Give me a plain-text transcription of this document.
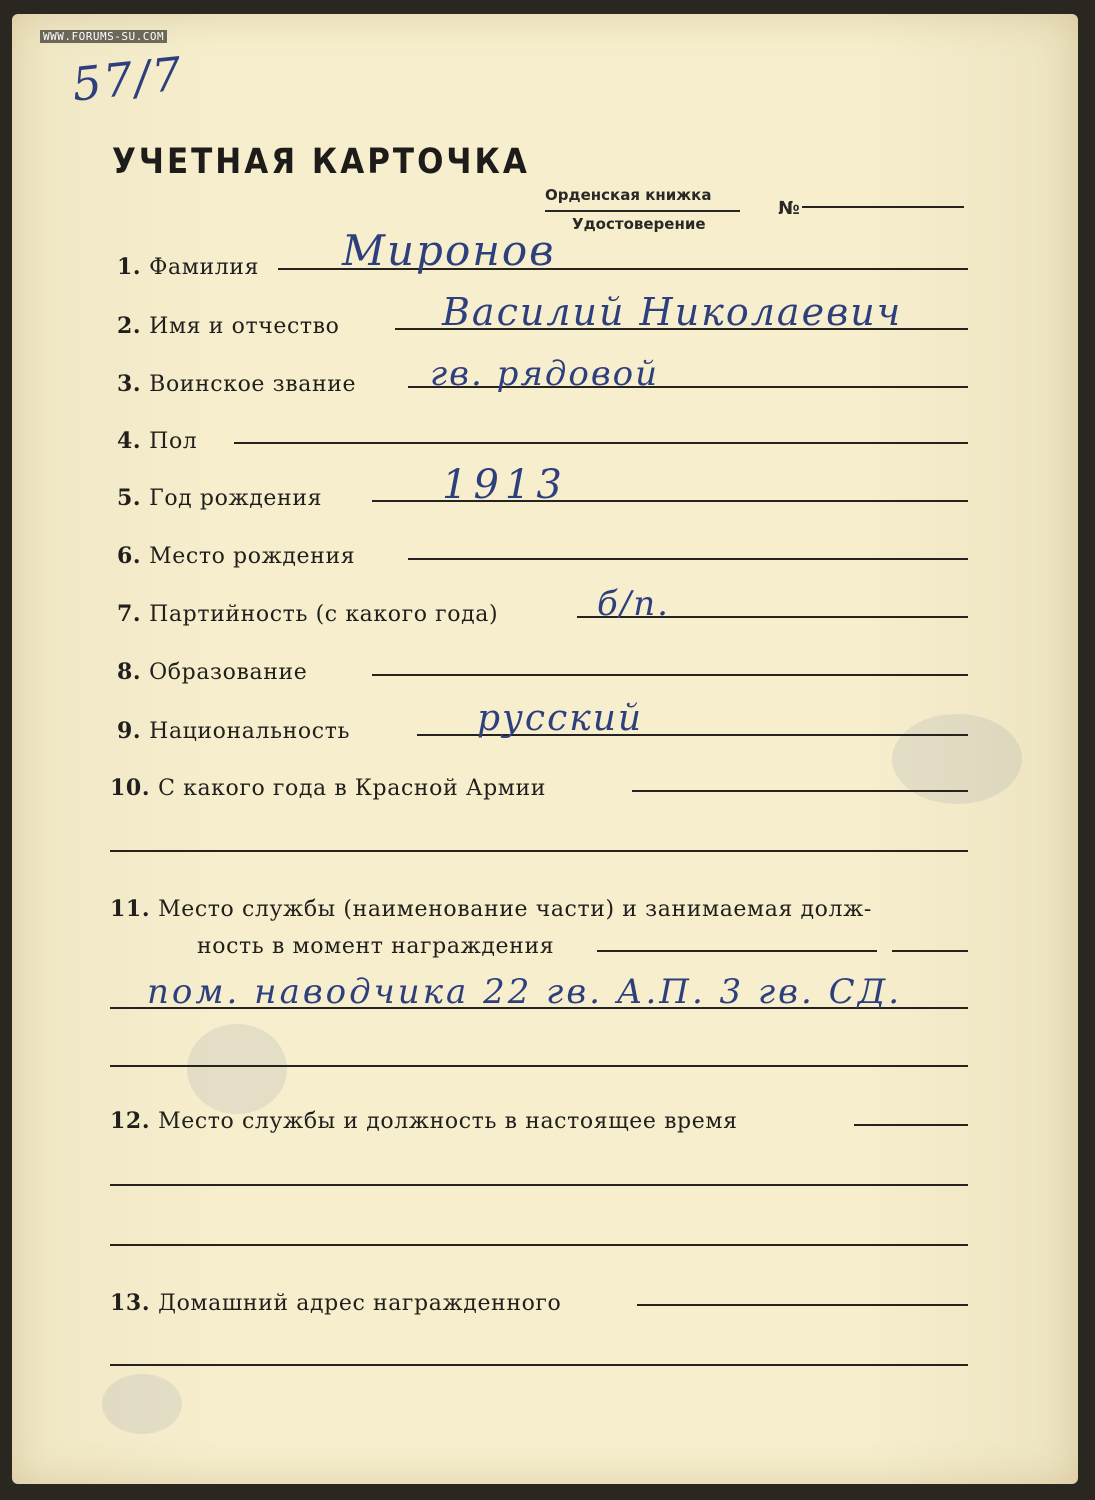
57/7
УЧЕТНАЯ КАРТОЧКА
Орденская книжка
Удостоверение
№
1. Фамилия Миронов
2. Имя и отчество	Василий Николаевич
3. Воинское звание гв. рядовой
4. Пол
5. Год рождения	1913
6. Место рождения
7. Партийность (с какого года)	б/п.
8. Образование
9. Национальность	русский
10. С какого года в Красной Армии
11. Место службы (наименование части) и занимаемая долж-
ность в момент награждения
пом. наводчика 22 гв. А.П. 3 гв. СД.
12. Место службы и должность в настоящее время
13. Домашний адрес награжденного
WWW.FORUMS-SU.COM
